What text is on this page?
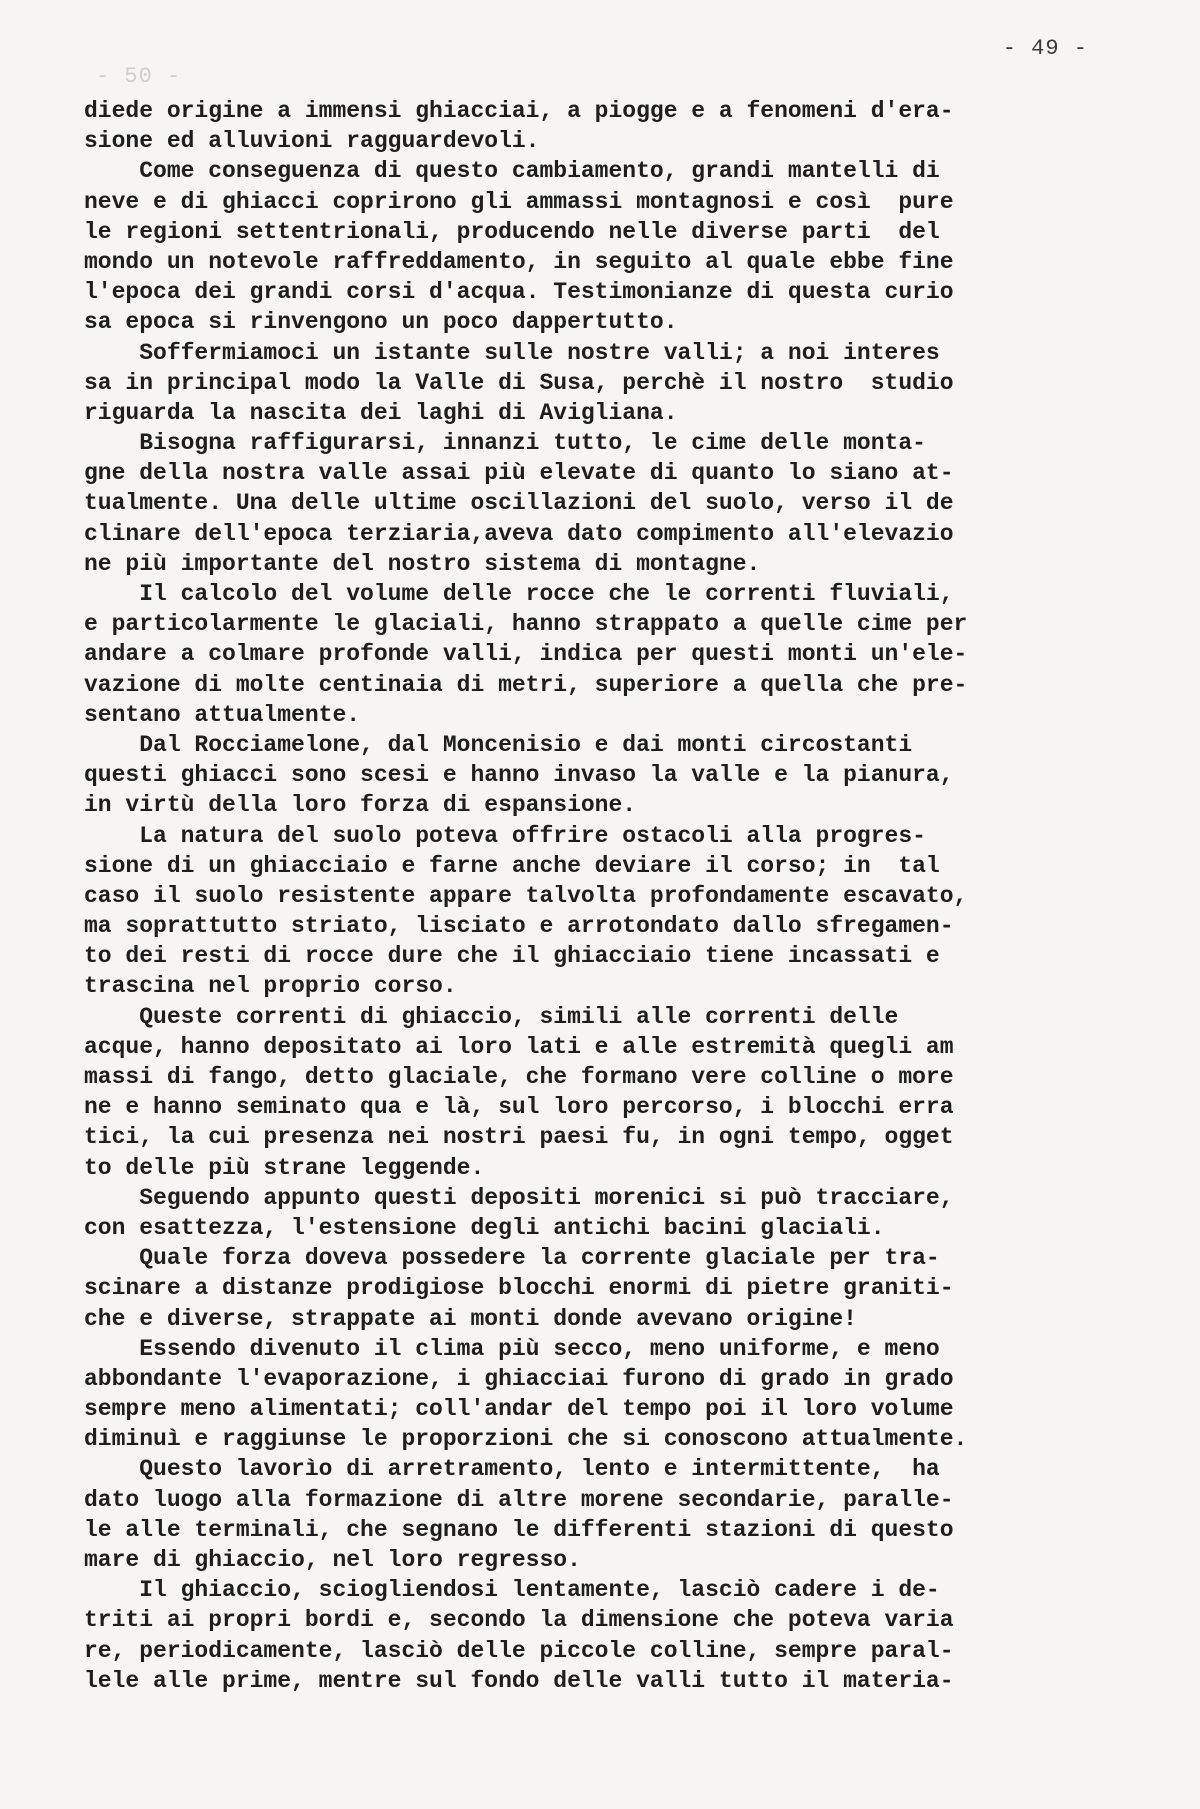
- 50 -
- 49 -
diede origine a immensi ghiacciai, a piogge e a fenomeni d'era-
sione ed alluvioni ragguardevoli.
Come conseguenza di questo cambiamento, grandi mantelli di
neve e di ghiacci coprirono gli ammassi montagnosi e così  pure
le regioni settentrionali, producendo nelle diverse parti  del
mondo un notevole raffreddamento, in seguito al quale ebbe fine
l'epoca dei grandi corsi d'acqua. Testimonianze di questa curio
sa epoca si rinvengono un poco dappertutto.
Soffermiamoci un istante sulle nostre valli; a noi interes
sa in principal modo la Valle di Susa, perchè il nostro  studio
riguarda la nascita dei laghi di Avigliana.
Bisogna raffigurarsi, innanzi tutto, le cime delle monta-
gne della nostra valle assai più elevate di quanto lo siano at-
tualmente. Una delle ultime oscillazioni del suolo, verso il de
clinare dell'epoca terziaria,aveva dato compimento all'elevazio
ne più importante del nostro sistema di montagne.
Il calcolo del volume delle rocce che le correnti fluviali,
e particolarmente le glaciali, hanno strappato a quelle cime per
andare a colmare profonde valli, indica per questi monti un'ele-
vazione di molte centinaia di metri, superiore a quella che pre-
sentano attualmente.
Dal Rocciamelone, dal Moncenisio e dai monti circostanti
questi ghiacci sono scesi e hanno invaso la valle e la pianura,
in virtù della loro forza di espansione.
La natura del suolo poteva offrire ostacoli alla progres-
sione di un ghiacciaio e farne anche deviare il corso; in  tal
caso il suolo resistente appare talvolta profondamente escavato,
ma soprattutto striato, lisciato e arrotondato dallo sfregamen-
to dei resti di rocce dure che il ghiacciaio tiene incassati e
trascina nel proprio corso.
Queste correnti di ghiaccio, simili alle correnti delle
acque, hanno depositato ai loro lati e alle estremità quegli am
massi di fango, detto glaciale, che formano vere colline o more
ne e hanno seminato qua e là, sul loro percorso, i blocchi erra
tici, la cui presenza nei nostri paesi fu, in ogni tempo, ogget
to delle più strane leggende.
Seguendo appunto questi depositi morenici si può tracciare,
con esattezza, l'estensione degli antichi bacini glaciali.
Quale forza doveva possedere la corrente glaciale per tra-
scinare a distanze prodigiose blocchi enormi di pietre graniti-
che e diverse, strappate ai monti donde avevano origine!
Essendo divenuto il clima più secco, meno uniforme, e meno
abbondante l'evaporazione, i ghiacciai furono di grado in grado
sempre meno alimentati; coll'andar del tempo poi il loro volume
diminuì e raggiunse le proporzioni che si conoscono attualmente.
Questo lavorìo di arretramento, lento e intermittente,  ha
dato luogo alla formazione di altre morene secondarie, paralle-
le alle terminali, che segnano le differenti stazioni di questo
mare di ghiaccio, nel loro regresso.
Il ghiaccio, sciogliendosi lentamente, lasciò cadere i de-
triti ai propri bordi e, secondo la dimensione che poteva varia
re, periodicamente, lasciò delle piccole colline, sempre paral-
lele alle prime, mentre sul fondo delle valli tutto il materia-
